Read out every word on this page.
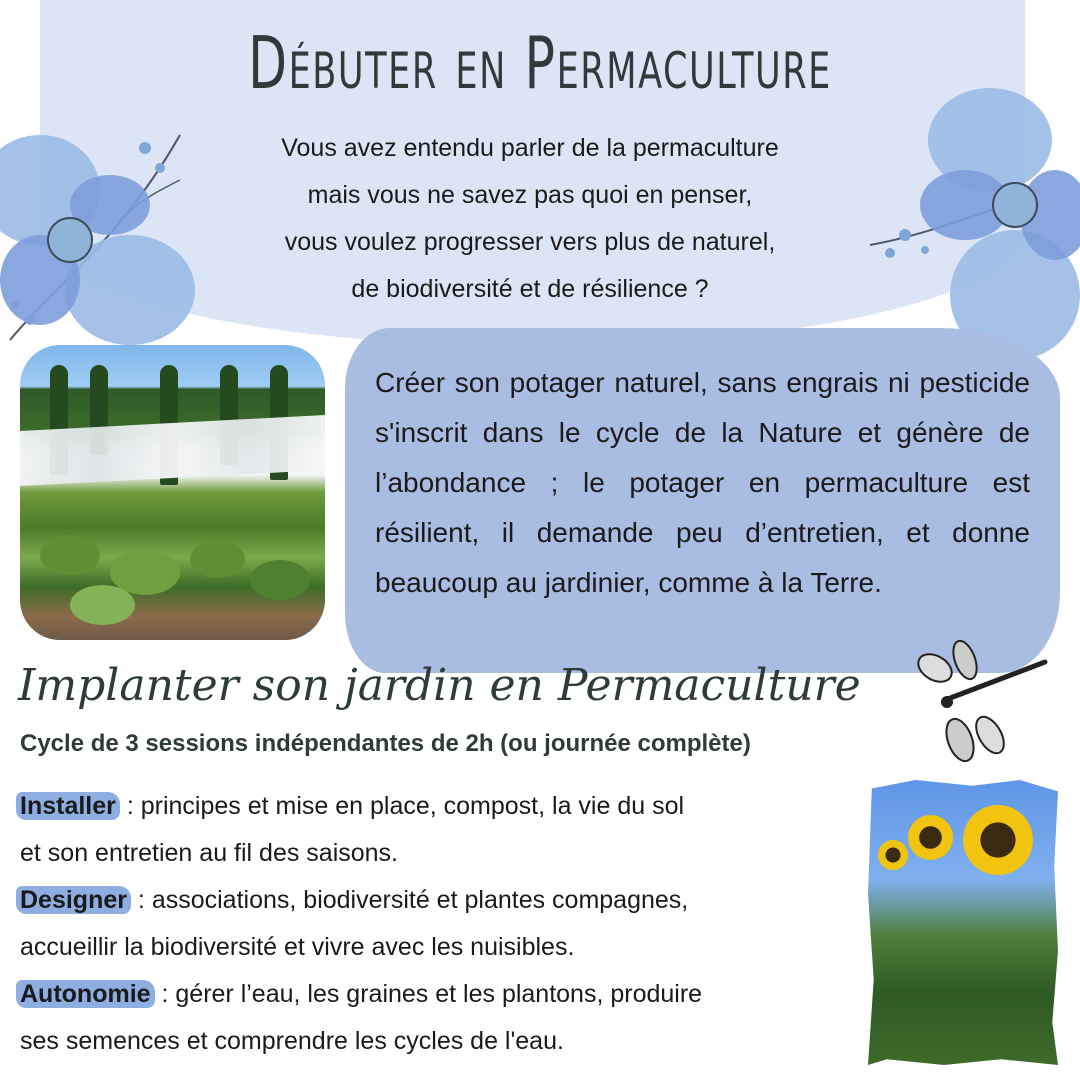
Débuter en Permaculture
Vous avez entendu parler de la permaculture
mais vous ne savez pas quoi en penser,
vous voulez progresser vers plus de naturel,
de biodiversité et de résilience ?
Créer son potager naturel, sans engrais ni pesticide s'inscrit dans le cycle de la Nature et génère de l’abondance ; le potager en permaculture est résilient, il demande peu d’entretien, et donne beaucoup au jardinier, comme à la Terre.
Implanter son jardin en Permaculture
Cycle de 3 sessions indépendantes de 2h (ou journée complète)
Installer : principes et mise en place, compost, la vie du sol
et son entretien au fil des saisons.
Designer : associations, biodiversité et plantes compagnes,
accueillir la biodiversité et vivre avec les nuisibles.
Autonomie : gérer l’eau, les graines et les plantons, produire
ses semences et comprendre les cycles de l'eau.
